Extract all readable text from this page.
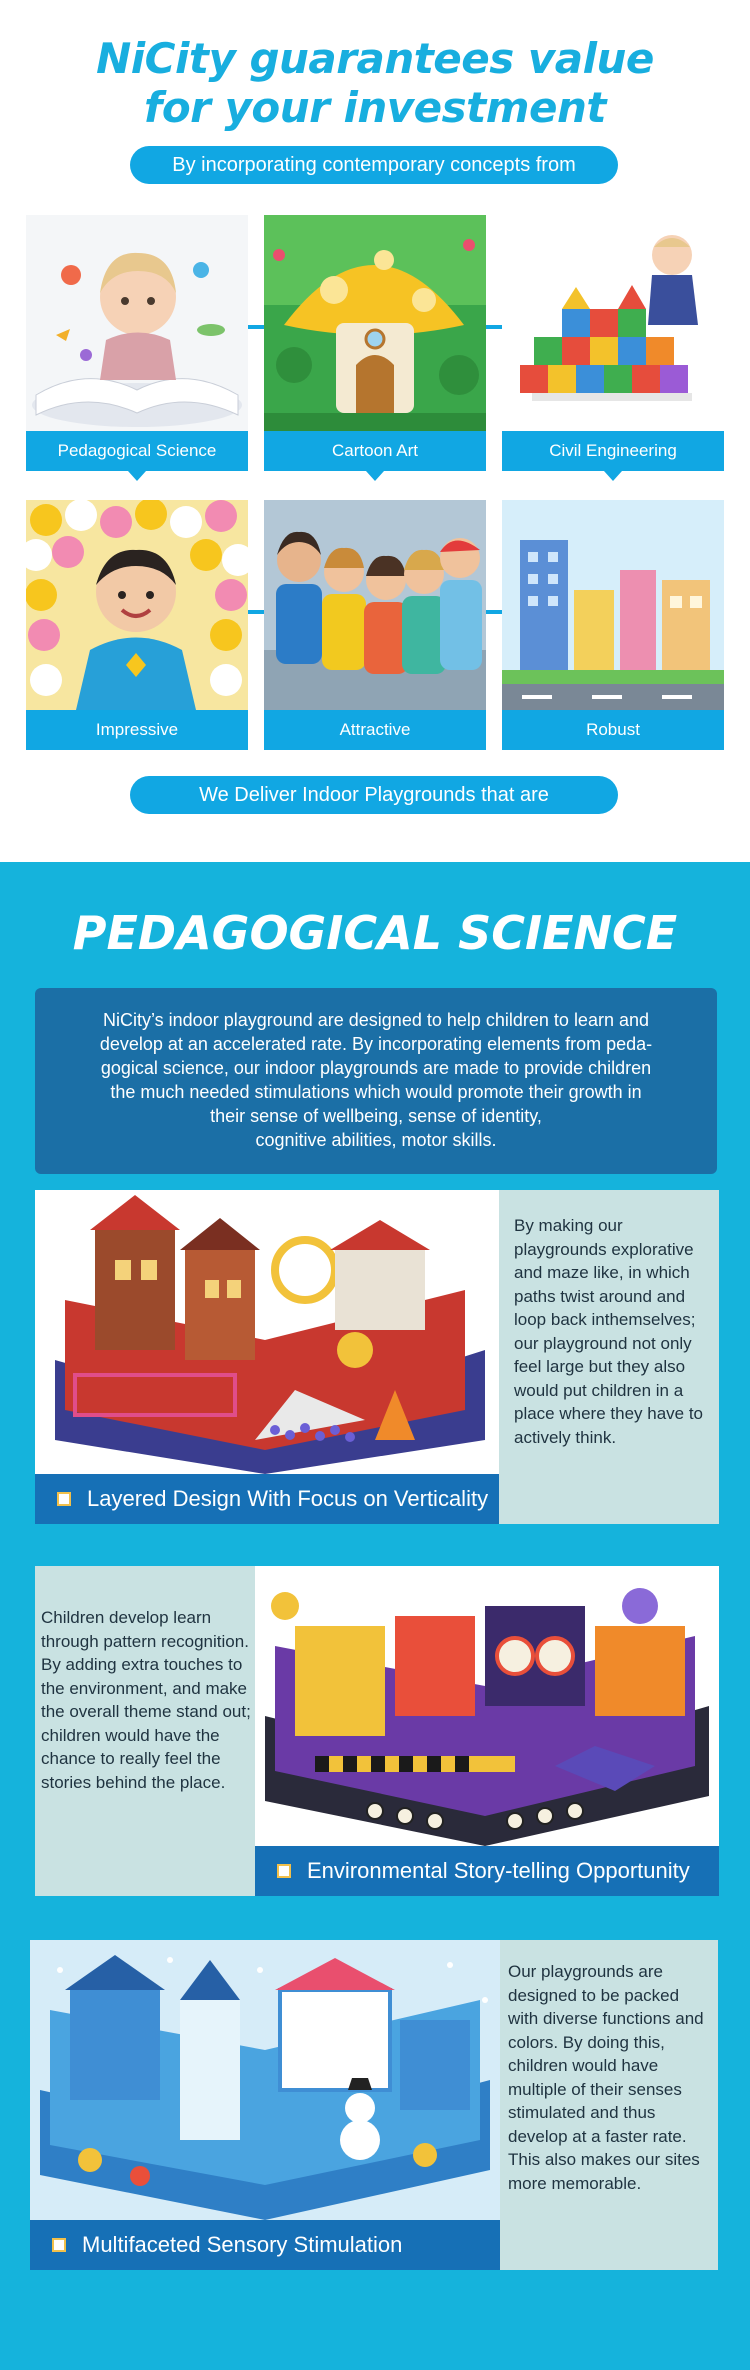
NiCity guarantees value
for your investment
By incorporating contemporary concepts from
Pedagogical Science	Cartoon Art	Civil Engineering
Impressive	Attractive	Robust
We Deliver Indoor Playgrounds that are
PEDAGOGICAL SCIENCE
NiCity’s indoor playground are designed to help children to learn and
develop at an accelerated rate. By incorporating elements from peda-
gogical science, our indoor playgrounds are made to provide children
the much needed stimulations which would promote their growth in
their sense of wellbeing, sense of identity,
cognitive abilities, motor skills.
By making our playgrounds explorative and maze like, in which paths twist around and loop back inthemselves; our playground not only feel large but they also would put children in a place where they have to actively think.
Layered Design With Focus on Verticality
Children develop learn through pattern recognition. By adding extra touches to the environment, and make the overall theme stand out; children would have the chance to really feel the stories behind the place.
Environmental Story-telling Opportunity
Our playgrounds are designed to be packed with diverse functions and colors. By doing this, children would have multiple of their senses stimulated and thus develop at a faster rate. This also makes our sites more memorable.
Multifaceted Sensory Stimulation
